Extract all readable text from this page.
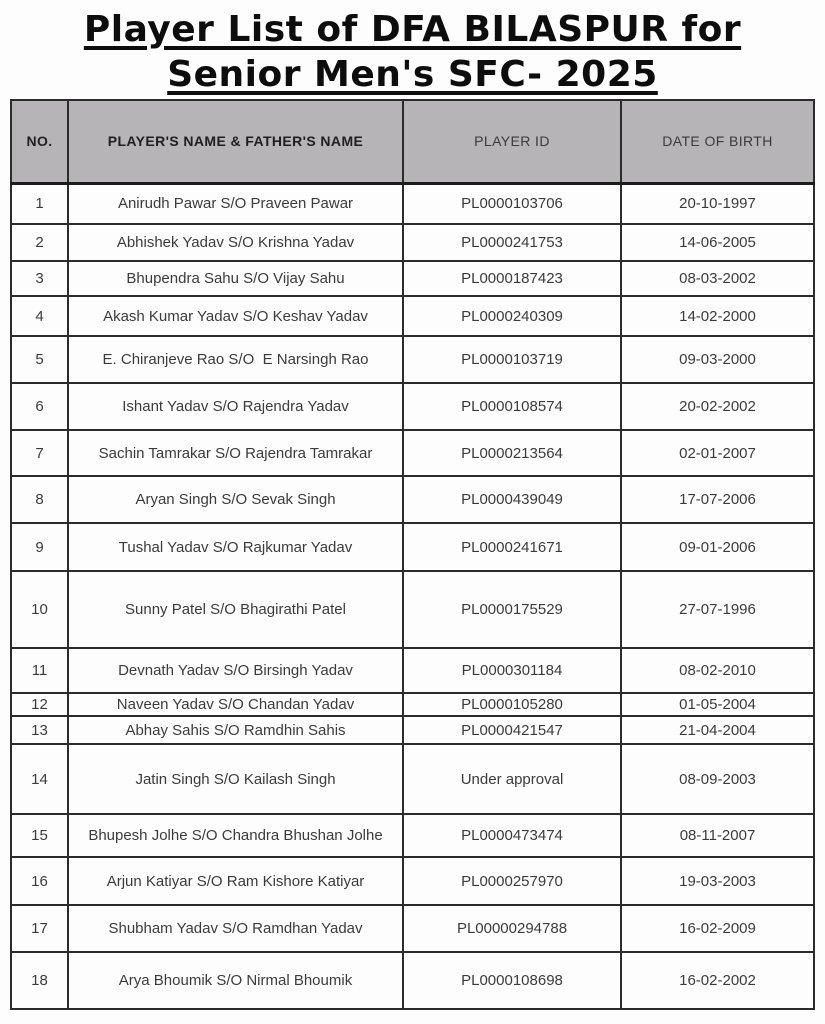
Player List of DFA BILASPUR for
Senior Men's SFC- 2025
NO.	PLAYER'S NAME & FATHER'S NAME	PLAYER ID	DATE OF BIRTH
1	Anirudh Pawar S/O Praveen Pawar	PL0000103706	20-10-1997
2	Abhishek Yadav S/O Krishna Yadav	PL0000241753	14-06-2005
3	Bhupendra Sahu S/O Vijay Sahu	PL0000187423	08-03-2002
4	Akash Kumar Yadav S/O Keshav Yadav	PL0000240309	14-02-2000
5	E. Chiranjeve Rao S/O  E Narsingh Rao	PL0000103719	09-03-2000
6	Ishant Yadav S/O Rajendra Yadav	PL0000108574	20-02-2002
7	Sachin Tamrakar S/O Rajendra Tamrakar	PL0000213564	02-01-2007
8	Aryan Singh S/O Sevak Singh	PL0000439049	17-07-2006
9	Tushal Yadav S/O Rajkumar Yadav	PL0000241671	09-01-2006
10	Sunny Patel S/O Bhagirathi Patel	PL0000175529	27-07-1996
11	Devnath Yadav S/O Birsingh Yadav	PL0000301184	08-02-2010
12	Naveen Yadav S/O Chandan Yadav	PL0000105280	01-05-2004
13	Abhay Sahis S/O Ramdhin Sahis	PL0000421547	21-04-2004
14	Jatin Singh S/O Kailash Singh	Under approval	08-09-2003
15	Bhupesh Jolhe S/O Chandra Bhushan Jolhe	PL0000473474	08-11-2007
16	Arjun Katiyar S/O Ram Kishore Katiyar	PL0000257970	19-03-2003
17	Shubham Yadav S/O Ramdhan Yadav	PL00000294788	16-02-2009
18	Arya Bhoumik S/O Nirmal Bhoumik	PL0000108698	16-02-2002
